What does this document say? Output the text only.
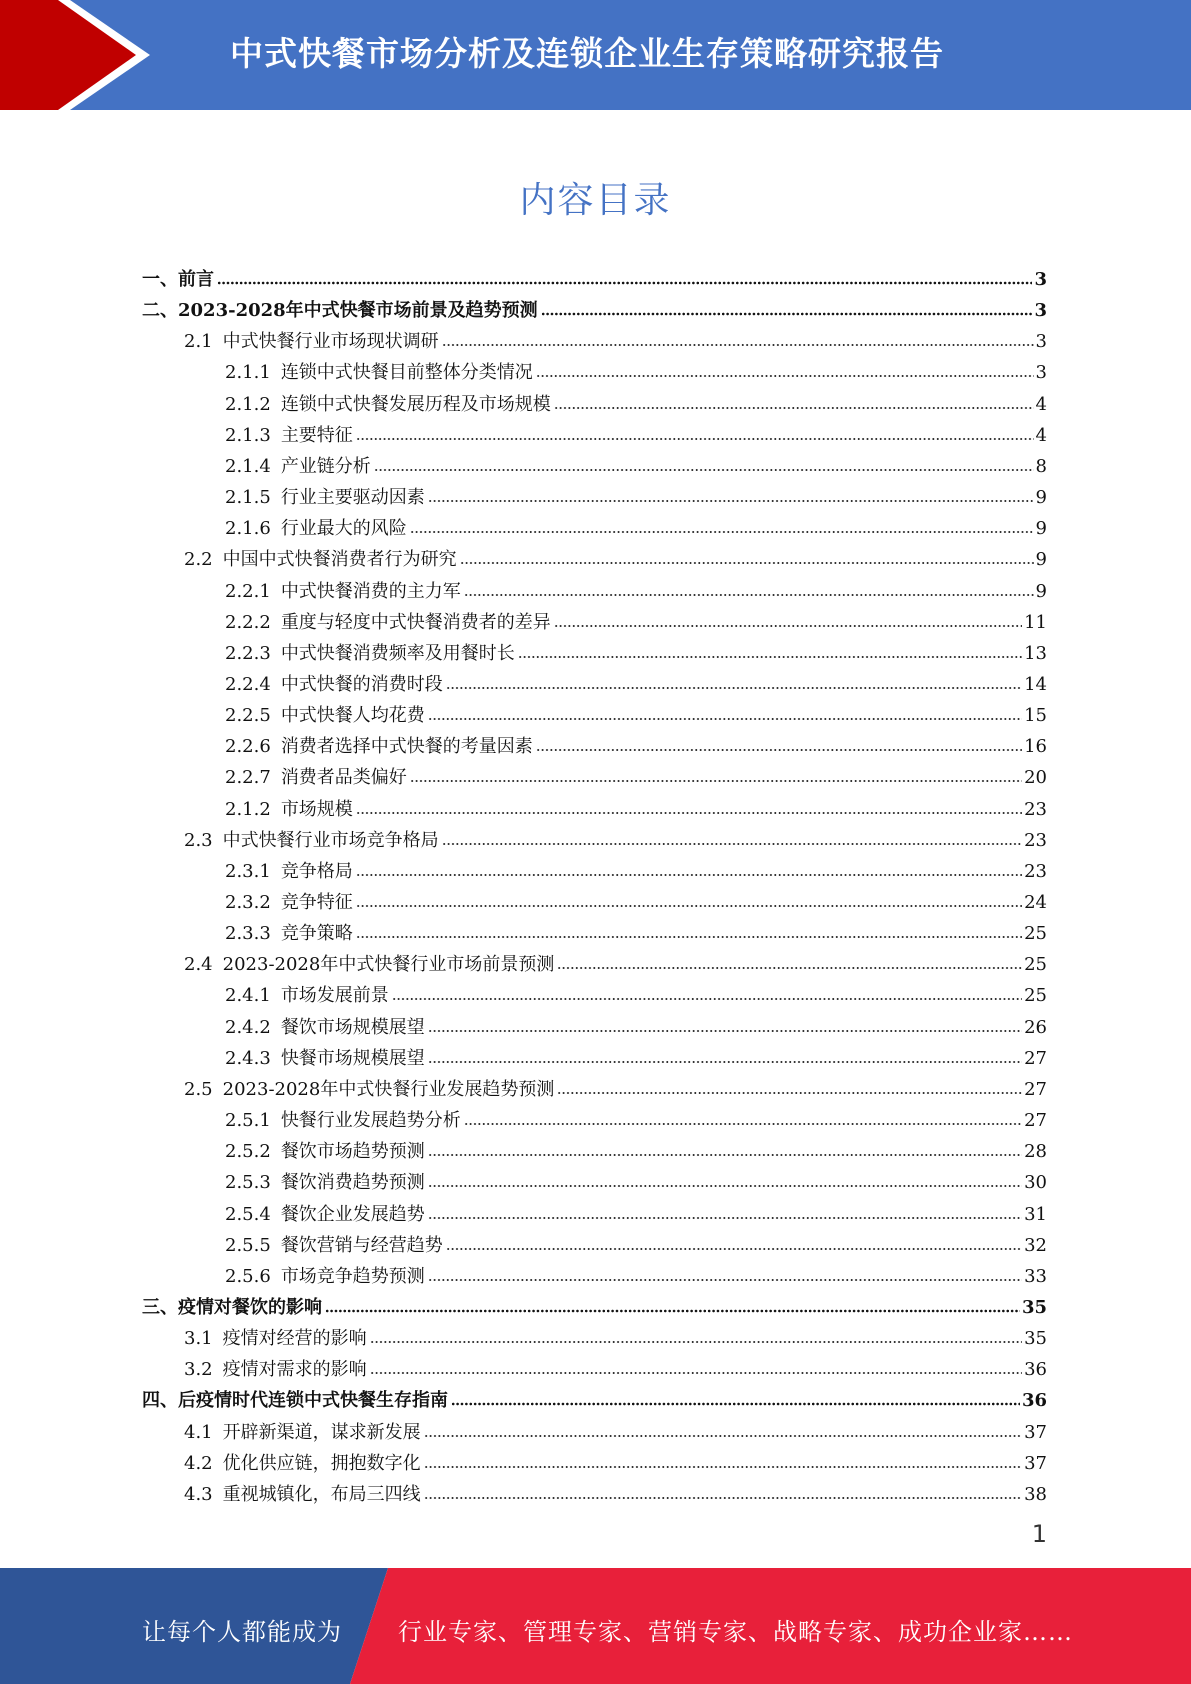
中式快餐市场分析及连锁企业生存策略研究报告
内容目录
一、 前言	3
二、 2023-2028年中式快餐市场前景及趋势预测	3
2.1 中式快餐行业市场现状调研	3
2.1.1 连锁中式快餐目前整体分类情况	3
2.1.2 连锁中式快餐发展历程及市场规模	4
2.1.3 主要特征	4
2.1.4 产业链分析	8
2.1.5 行业主要驱动因素	9
2.1.6 行业最大的风险	9
2.2 中国中式快餐消费者行为研究	9
2.2.1 中式快餐消费的主力军	9
2.2.2 重度与轻度中式快餐消费者的差异	11
2.2.3 中式快餐消费频率及用餐时长	13
2.2.4 中式快餐的消费时段	14
2.2.5 中式快餐人均花费	15
2.2.6 消费者选择中式快餐的考量因素	16
2.2.7 消费者品类偏好	20
2.1.2 市场规模	23
2.3 中式快餐行业市场竞争格局	23
2.3.1 竞争格局	23
2.3.2 竞争特征	24
2.3.3 竞争策略	25
2.4 2023-2028年中式快餐行业市场前景预测	25
2.4.1 市场发展前景	25
2.4.2 餐饮市场规模展望	26
2.4.3 快餐市场规模展望	27
2.5 2023-2028年中式快餐行业发展趋势预测	27
2.5.1 快餐行业发展趋势分析	27
2.5.2 餐饮市场趋势预测	28
2.5.3 餐饮消费趋势预测	30
2.5.4 餐饮企业发展趋势	31
2.5.5 餐饮营销与经营趋势	32
2.5.6 市场竞争趋势预测	33
三、 疫情对餐饮的影响	35
3.1 疫情对经营的影响	35
3.2 疫情对需求的影响	36
四、 后疫情时代连锁中式快餐生存指南	36
4.1 开辟新渠道，谋求新发展	37
4.2 优化供应链，拥抱数字化	37
4.3 重视城镇化，布局三四线	38
1
让每个人都能成为 行业专家、管理专家、营销专家、战略专家、成功企业家……
